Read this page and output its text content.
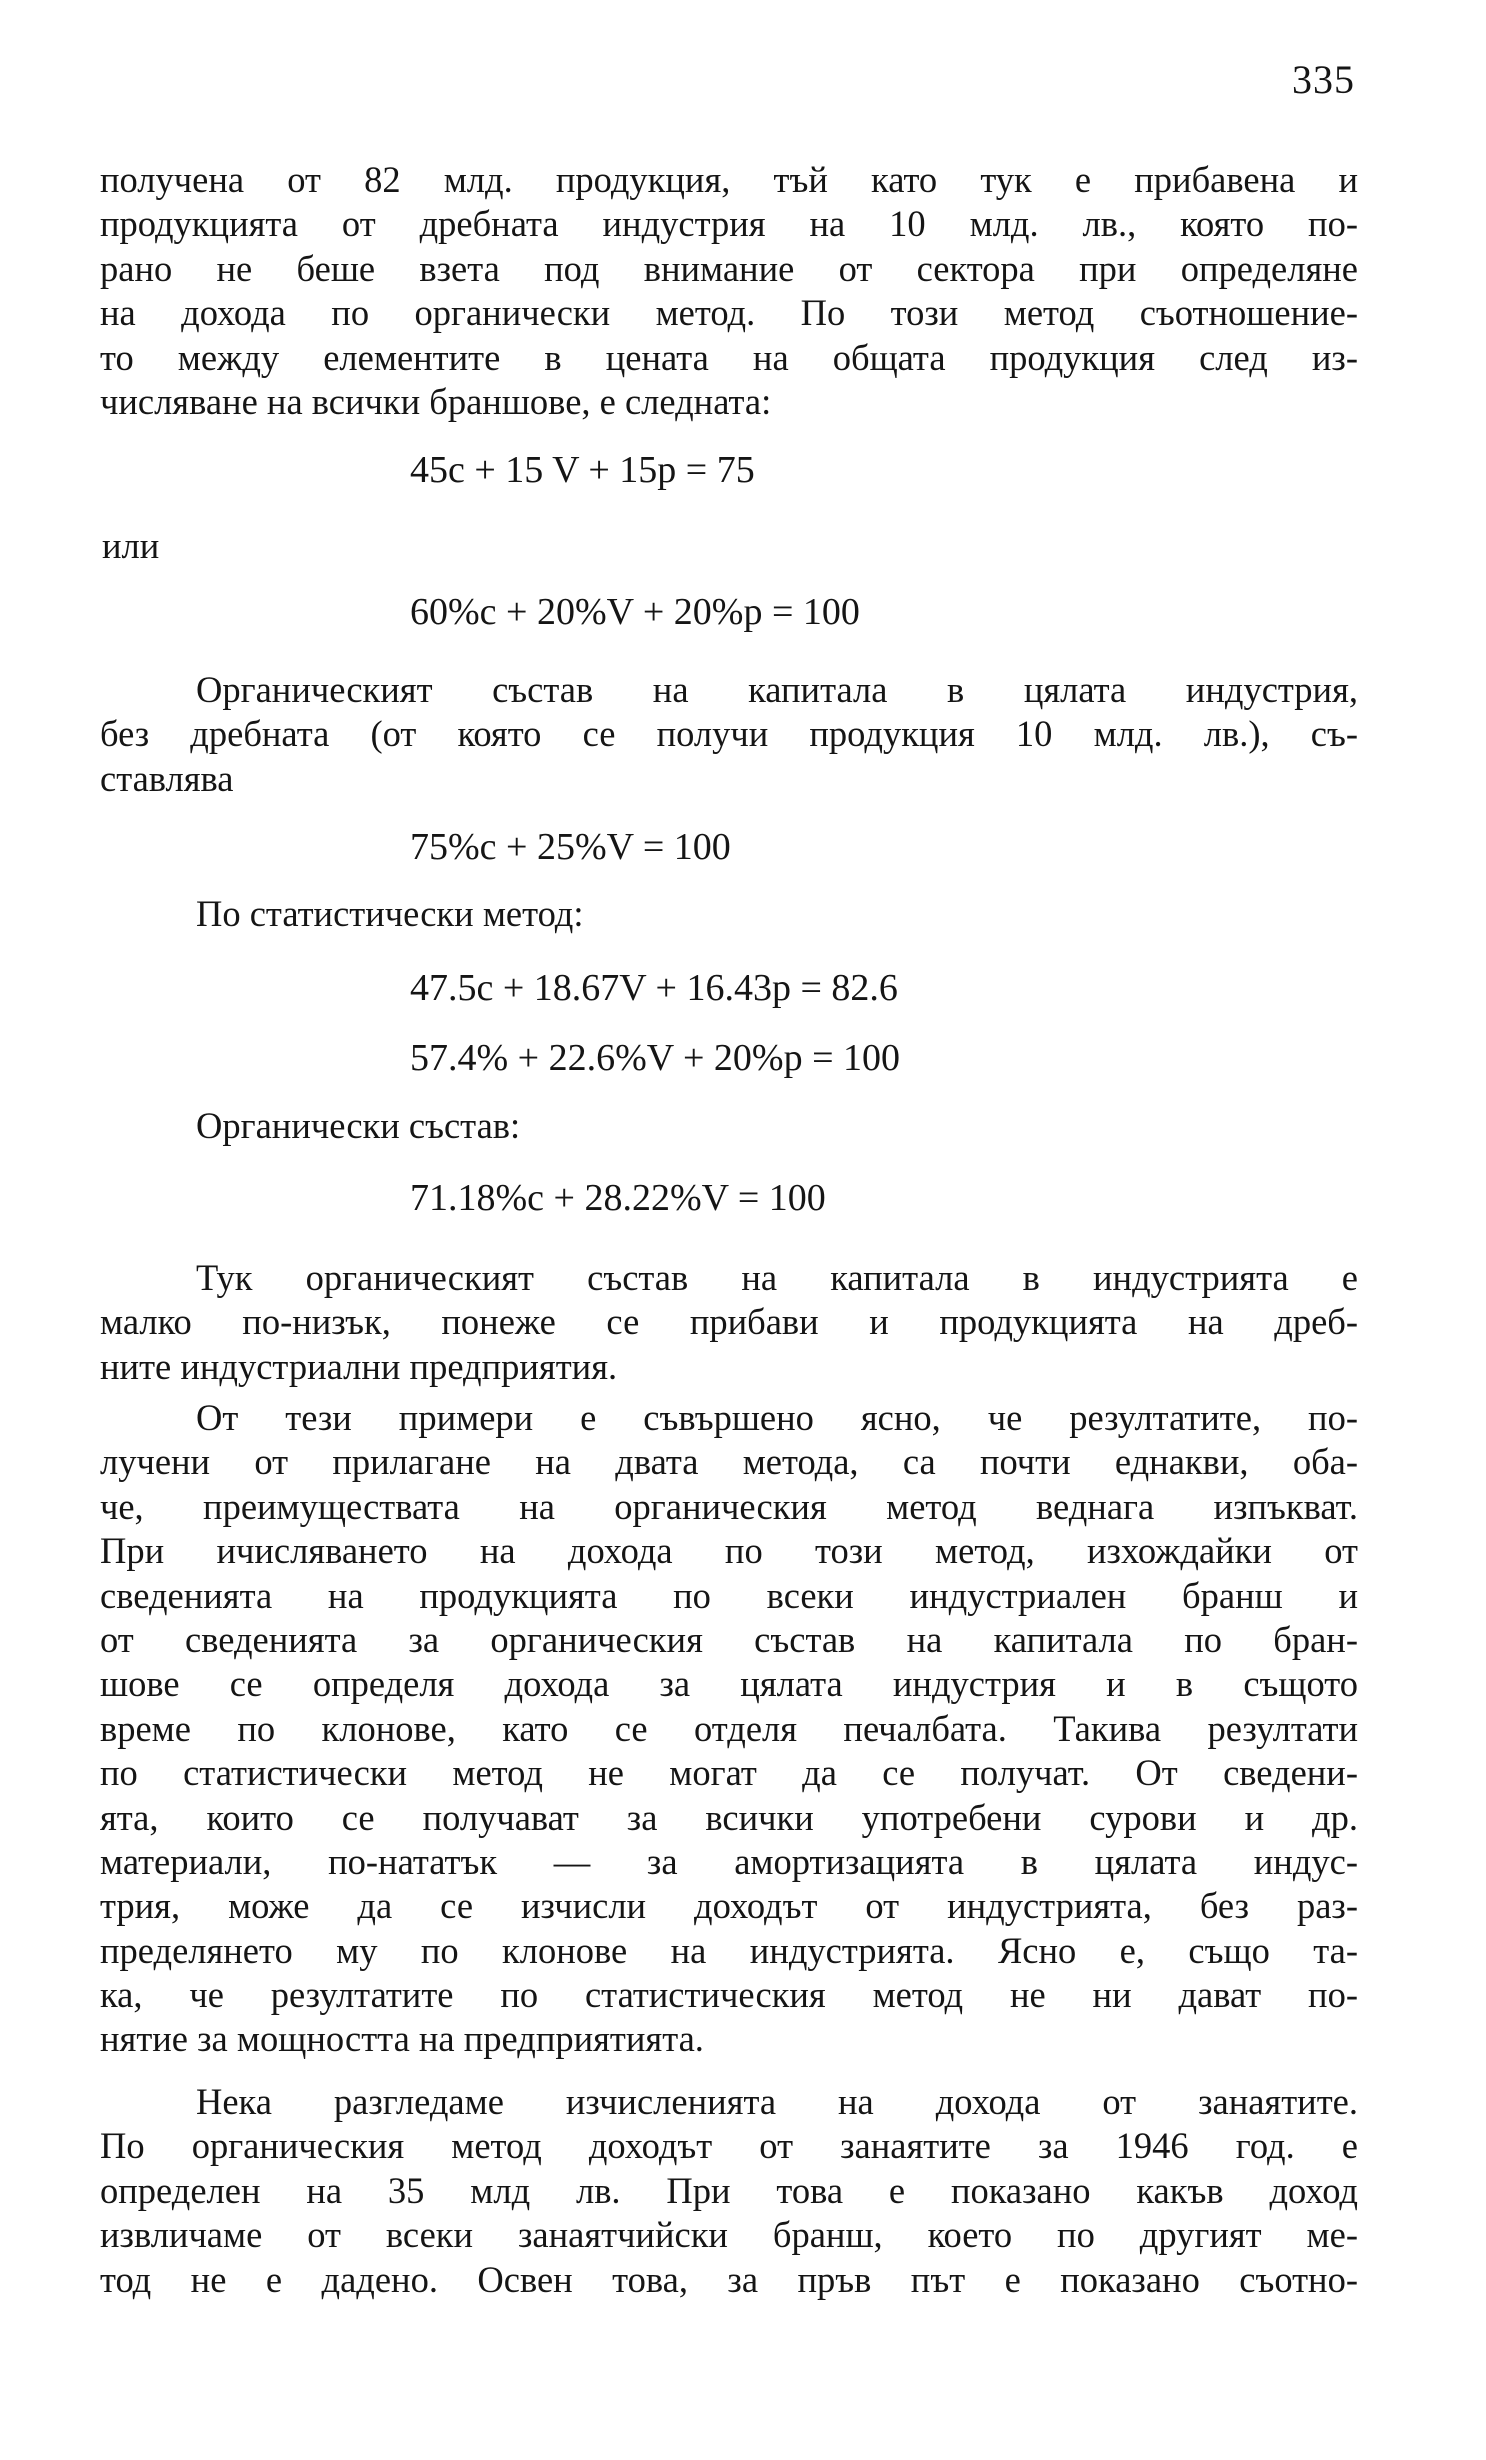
335
получена от 82 млд. продукция, тъй като тук е прибавена и
продукцията от дребната индустрия на 10 млд. лв., която по-
рано не беше взета под внимание от сектора при определяне
на дохода по органически метод. По този метод съотношение-
то между елементите в цената на общата продукция след из-
числяване на всички браншове, е следната:
45c + 15 V + 15p = 75
или
60%c + 20%V + 20%p = 100
Органическият състав на капитала в цялата индустрия,
без дребната (от която се получи продукция 10 млд. лв.), съ-
ставлява
75%c + 25%V = 100
По статистически метод:
47.5c + 18.67V + 16.43p = 82.6
57.4% + 22.6%V + 20%p = 100
Органически състав:
71.18%c + 28.22%V = 100
Тук органическият състав на капитала в индустрията е
малко по-низък, понеже се прибави и продукцията на дреб-
ните индустриални предприятия.
От тези примери е съвършено ясно, че резултатите, по-
лучени от прилагане на двата метода, са почти еднакви, оба-
че, преимуществата на органическия метод веднага изпъкват.
При ичисляването на дохода по този метод, изхождайки от
сведенията на продукцията по всеки индустриален бранш и
от сведенията за органическия състав на капитала по бран-
шове се определя дохода за цялата индустрия и в същото
време по клонове, като се отделя печалбата. Такива резултати
по статистически метод не могат да се получат. От сведени-
ята, които се получават за всички употребени сурови и др.
материали, по-нататък — за амортизацията в цялата индус-
трия, може да се изчисли доходът от индустрията, без раз-
пределянето му по клонове на индустрията. Ясно е, също та-
ка, че резултатите по статистическия метод не ни дават по-
нятие за мощността на предприятията.
Нека разгледаме изчисленията на дохода от занаятите.
По органическия метод доходът от занаятите за 1946 год. е
определен на 35 млд лв. При това е показано какъв доход
извличаме от всеки занаятчийски бранш, което по другият ме-
тод не е дадено. Освен това, за пръв път е показано съотно-
